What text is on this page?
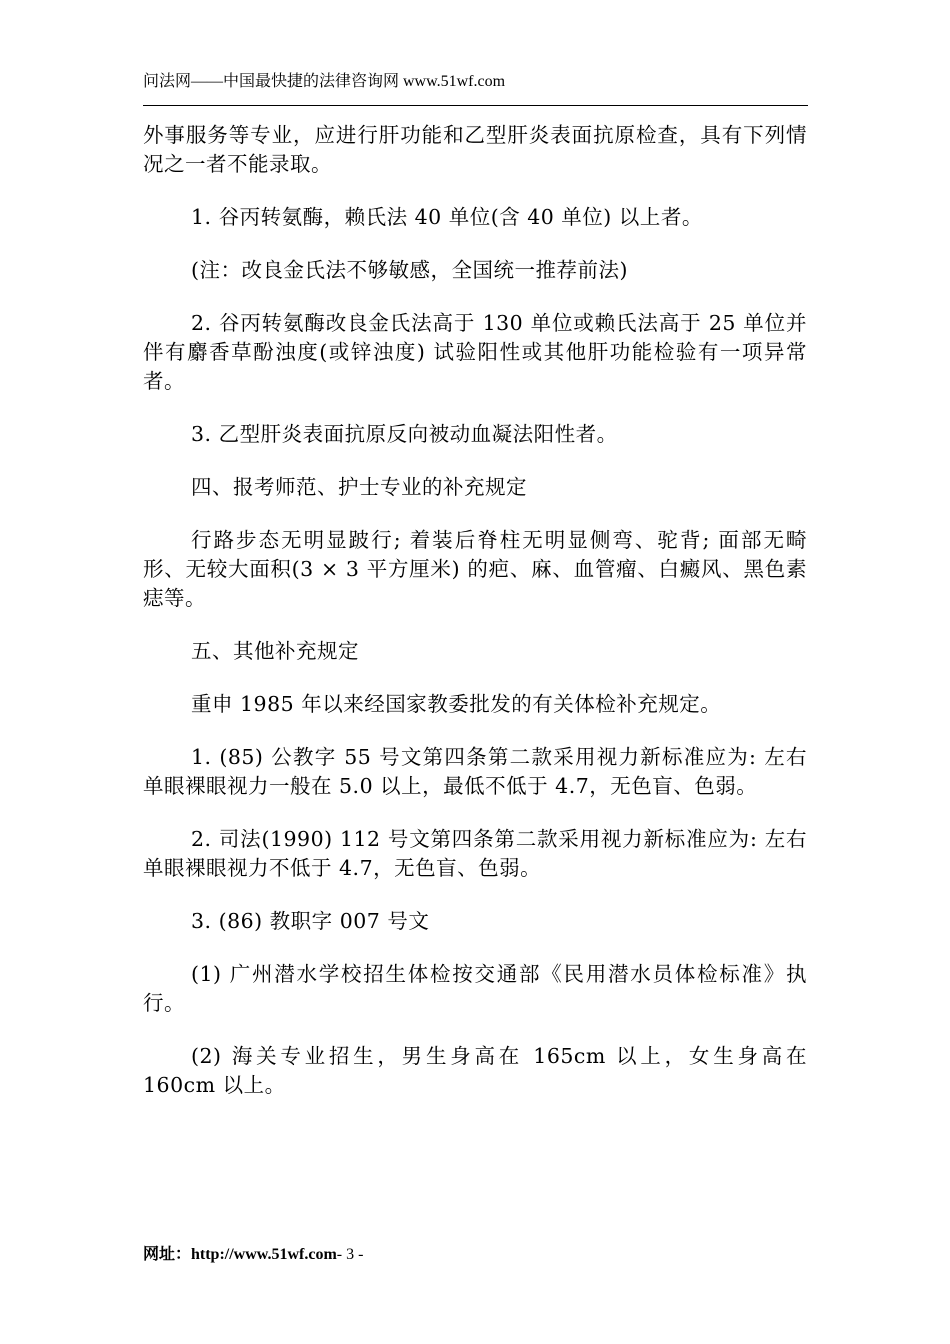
问法网——中国最快捷的法律咨询网 www.51wf.com

外事服务等专业，应进行肝功能和乙型肝炎表面抗原检查，具有下列情况之一者不能录取。

1. 谷丙转氨酶，赖氏法 40 单位(含 40 单位) 以上者。

(注：改良金氏法不够敏感，全国统一推荐前法)

2. 谷丙转氨酶改良金氏法高于 130 单位或赖氏法高于 25 单位并伴有麝香草酚浊度(或锌浊度) 试验阳性或其他肝功能检验有一项异常者。

3. 乙型肝炎表面抗原反向被动血凝法阳性者。

四、报考师范、护士专业的补充规定

行路步态无明显跛行; 着装后脊柱无明显侧弯、驼背; 面部无畸形、无较大面积(3 × 3 平方厘米) 的疤、麻、血管瘤、白癜风、黑色素痣等。

五、其他补充规定

重申 1985 年以来经国家教委批发的有关体检补充规定。

1. (85) 公教字 55 号文第四条第二款采用视力新标准应为: 左右单眼裸眼视力一般在 5.0 以上，最低不低于 4.7，无色盲、色弱。

2. 司法(1990) 112 号文第四条第二款采用视力新标准应为: 左右单眼裸眼视力不低于 4.7，无色盲、色弱。

3. (86) 教职字 007 号文

(1) 广州潜水学校招生体检按交通部《民用潜水员体检标准》执行。

(2) 海关专业招生，男生身高在 165cm 以上，女生身高在 160cm 以上。

网址：http://www.51wf.com- 3 -
